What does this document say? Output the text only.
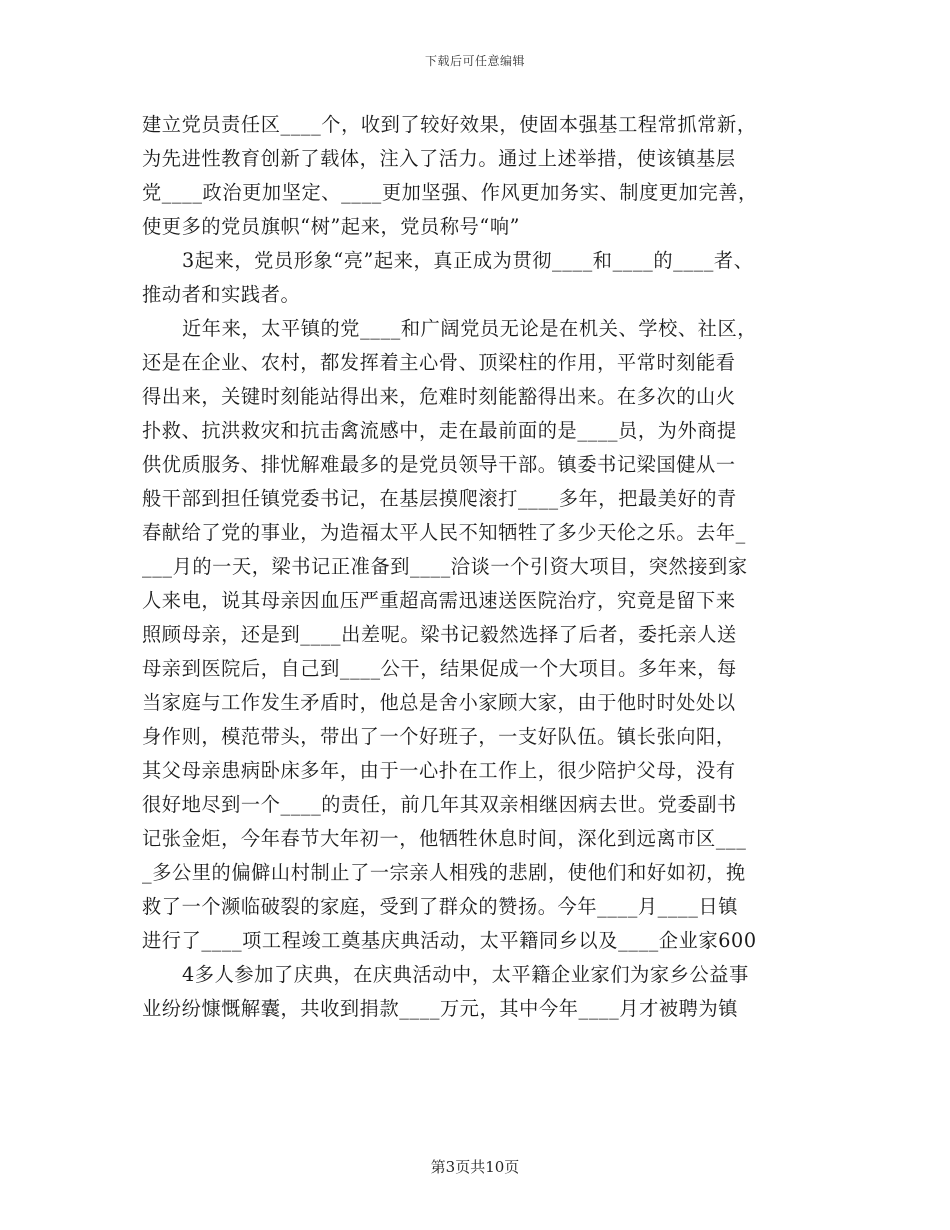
下载后可任意编辑
建立党员责任区____个，收到了较好效果，使固本强基工程常抓常新，
为先进性教育创新了载体，注入了活力。通过上述举措，使该镇基层
党____政治更加坚定、____更加坚强、作风更加务实、制度更加完善，
使更多的党员旗帜“树”起来，党员称号“响”
3起来，党员形象“亮”起来，真正成为贯彻____和____的____者、
推动者和实践者。
近年来，太平镇的党____和广阔党员无论是在机关、学校、社区，
还是在企业、农村，都发挥着主心骨、顶梁柱的作用，平常时刻能看
得出来，关键时刻能站得出来，危难时刻能豁得出来。在多次的山火
扑救、抗洪救灾和抗击禽流感中，走在最前面的是____员，为外商提
供优质服务、排忧解难最多的是党员领导干部。镇委书记梁国健从一
般干部到担任镇党委书记，在基层摸爬滚打____多年，把最美好的青
春献给了党的事业，为造福太平人民不知牺牲了多少天伦之乐。去年_
___月的一天，梁书记正准备到____洽谈一个引资大项目，突然接到家
人来电，说其母亲因血压严重超高需迅速送医院治疗，究竟是留下来
照顾母亲，还是到____出差呢。梁书记毅然选择了后者，委托亲人送
母亲到医院后，自己到____公干，结果促成一个大项目。多年来，每
当家庭与工作发生矛盾时，他总是舍小家顾大家，由于他时时处处以
身作则，模范带头，带出了一个好班子，一支好队伍。镇长张向阳，
其父母亲患病卧床多年，由于一心扑在工作上，很少陪护父母，没有
很好地尽到一个____的责任，前几年其双亲相继因病去世。党委副书
记张金炬，今年春节大年初一，他牺牲休息时间，深化到远离市区___
_多公里的偏僻山村制止了一宗亲人相残的悲剧，使他们和好如初，挽
救了一个濒临破裂的家庭，受到了群众的赞扬。今年____月____日镇
进行了____项工程竣工奠基庆典活动，太平籍同乡以及____企业家600
4多人参加了庆典，在庆典活动中，太平籍企业家们为家乡公益事
业纷纷慷慨解囊，共收到捐款____万元，其中今年____月才被聘为镇
第3页共10页
